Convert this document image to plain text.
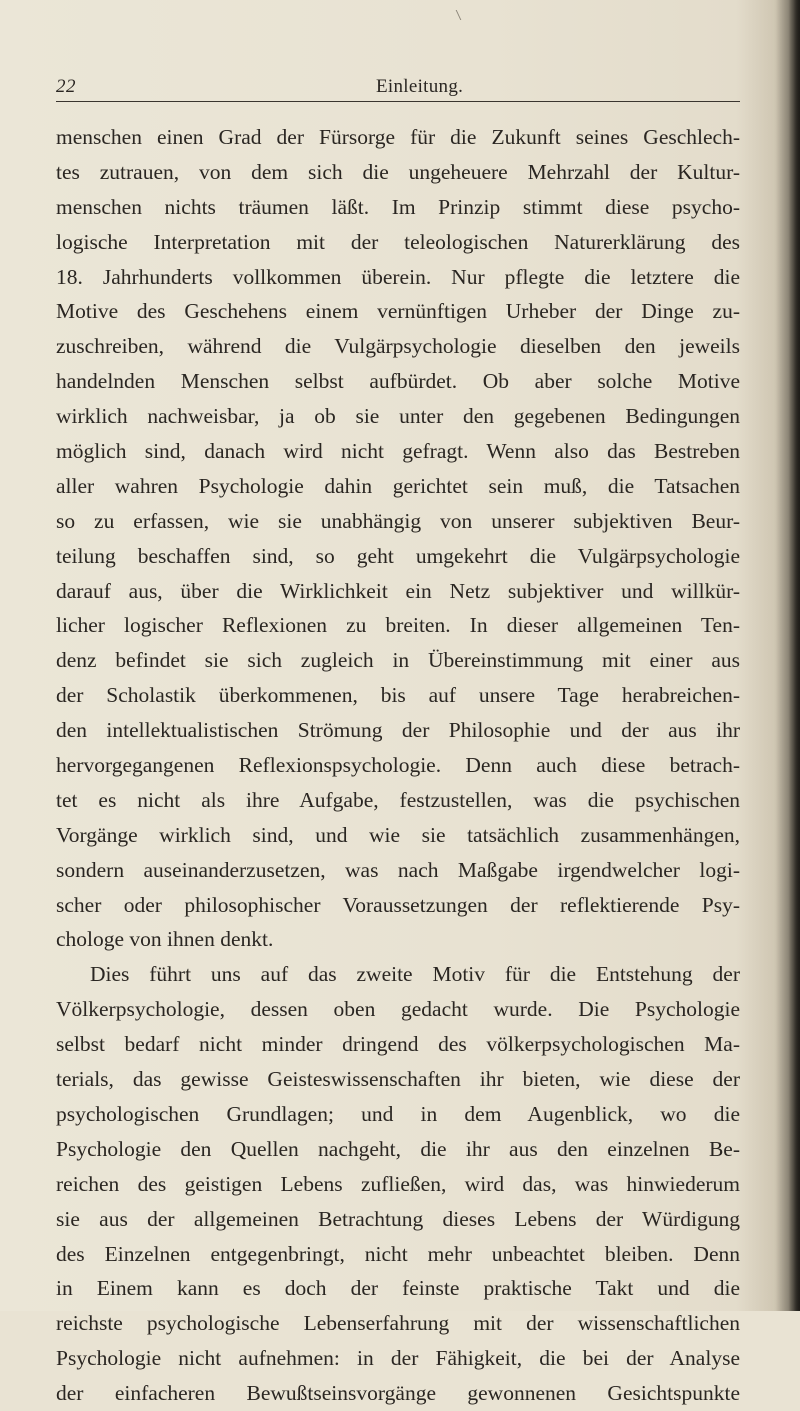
22	Einleitung.
menschen einen Grad der Fürsorge für die Zukunft seines Geschlech-
tes zutrauen, von dem sich die ungeheuere Mehrzahl der Kultur-
menschen nichts träumen läßt. Im Prinzip stimmt diese psycho-
logische Interpretation mit der teleologischen Naturerklärung des
18. Jahrhunderts vollkommen überein. Nur pflegte die letztere die
Motive des Geschehens einem vernünftigen Urheber der Dinge zu-
zuschreiben, während die Vulgärpsychologie dieselben den jeweils
handelnden Menschen selbst aufbürdet. Ob aber solche Motive
wirklich nachweisbar, ja ob sie unter den gegebenen Bedingungen
möglich sind, danach wird nicht gefragt. Wenn also das Bestreben
aller wahren Psychologie dahin gerichtet sein muß, die Tatsachen
so zu erfassen, wie sie unabhängig von unserer subjektiven Beur-
teilung beschaffen sind, so geht umgekehrt die Vulgärpsychologie
darauf aus, über die Wirklichkeit ein Netz subjektiver und willkür-
licher logischer Reflexionen zu breiten. In dieser allgemeinen Ten-
denz befindet sie sich zugleich in Übereinstimmung mit einer aus
der Scholastik überkommenen, bis auf unsere Tage herabreichen-
den intellektualistischen Strömung der Philosophie und der aus ihr
hervorgegangenen Reflexionspsychologie. Denn auch diese betrach-
tet es nicht als ihre Aufgabe, festzustellen, was die psychischen
Vorgänge wirklich sind, und wie sie tatsächlich zusammenhängen,
sondern auseinanderzusetzen, was nach Maßgabe irgendwelcher logi-
scher oder philosophischer Voraussetzungen der reflektierende Psy-
chologe von ihnen denkt.
Dies führt uns auf das zweite Motiv für die Entstehung der
Völkerpsychologie, dessen oben gedacht wurde. Die Psychologie
selbst bedarf nicht minder dringend des völkerpsychologischen Ma-
terials, das gewisse Geisteswissenschaften ihr bieten, wie diese der
psychologischen Grundlagen; und in dem Augenblick, wo die
Psychologie den Quellen nachgeht, die ihr aus den einzelnen Be-
reichen des geistigen Lebens zufließen, wird das, was hinwiederum
sie aus der allgemeinen Betrachtung dieses Lebens der Würdigung
des Einzelnen entgegenbringt, nicht mehr unbeachtet bleiben. Denn
in Einem kann es doch der feinste praktische Takt und die
reichste psychologische Lebenserfahrung mit der wissenschaftlichen
Psychologie nicht aufnehmen: in der Fähigkeit, die bei der Analyse
der einfacheren Bewußtseinsvorgänge gewonnenen Gesichtspunkte
